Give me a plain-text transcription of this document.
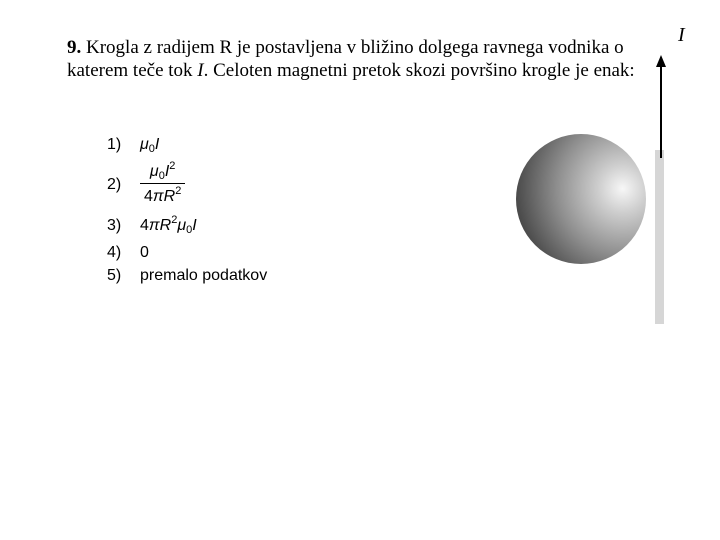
9. Krogla z radijem R je postavljena v bližino dolgega ravnega vodnika o katerem teče tok I. Celoten magnetni pretok skozi površino krogle je enak:
1)	$\mu_0I$
2)
$\mu_0I^2$
$4\pi R^2$
3)	$4\pi R^2\mu_0I$
4)	0
5)	premalo podatkov
I
